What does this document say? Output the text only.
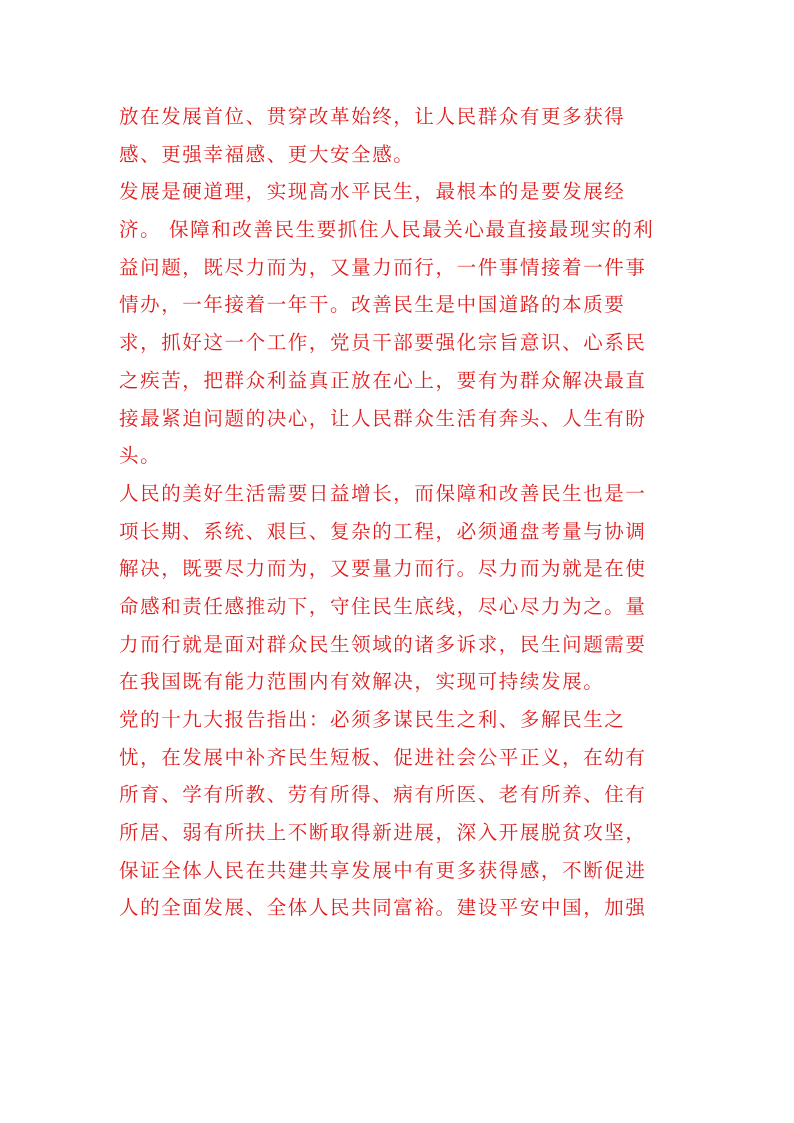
放在发展首位、贯穿改革始终，让人民群众有更多获得
感、更强幸福感、更大安全感。
发展是硬道理，实现高水平民生，最根本的是要发展经
济。 保障和改善民生要抓住人民最关心最直接最现实的利
益问题，既尽力而为，又量力而行，一件事情接着一件事
情办，一年接着一年干。改善民生是中国道路的本质要
求，抓好这一个工作，党员干部要强化宗旨意识、心系民
之疾苦，把群众利益真正放在心上，要有为群众解决最直
接最紧迫问题的决心，让人民群众生活有奔头、人生有盼
头。
人民的美好生活需要日益增长，而保障和改善民生也是一
项长期、系统、艰巨、复杂的工程，必须通盘考量与协调
解决，既要尽力而为，又要量力而行。尽力而为就是在使
命感和责任感推动下，守住民生底线，尽心尽力为之。量
力而行就是面对群众民生领域的诸多诉求，民生问题需要
在我国既有能力范围内有效解决，实现可持续发展。
党的十九大报告指出：必须多谋民生之利、多解民生之
忧，在发展中补齐民生短板、促进社会公平正义，在幼有
所育、学有所教、劳有所得、病有所医、老有所养、住有
所居、弱有所扶上不断取得新进展，深入开展脱贫攻坚，
保证全体人民在共建共享发展中有更多获得感，不断促进
人的全面发展、全体人民共同富裕。建设平安中国，加强
